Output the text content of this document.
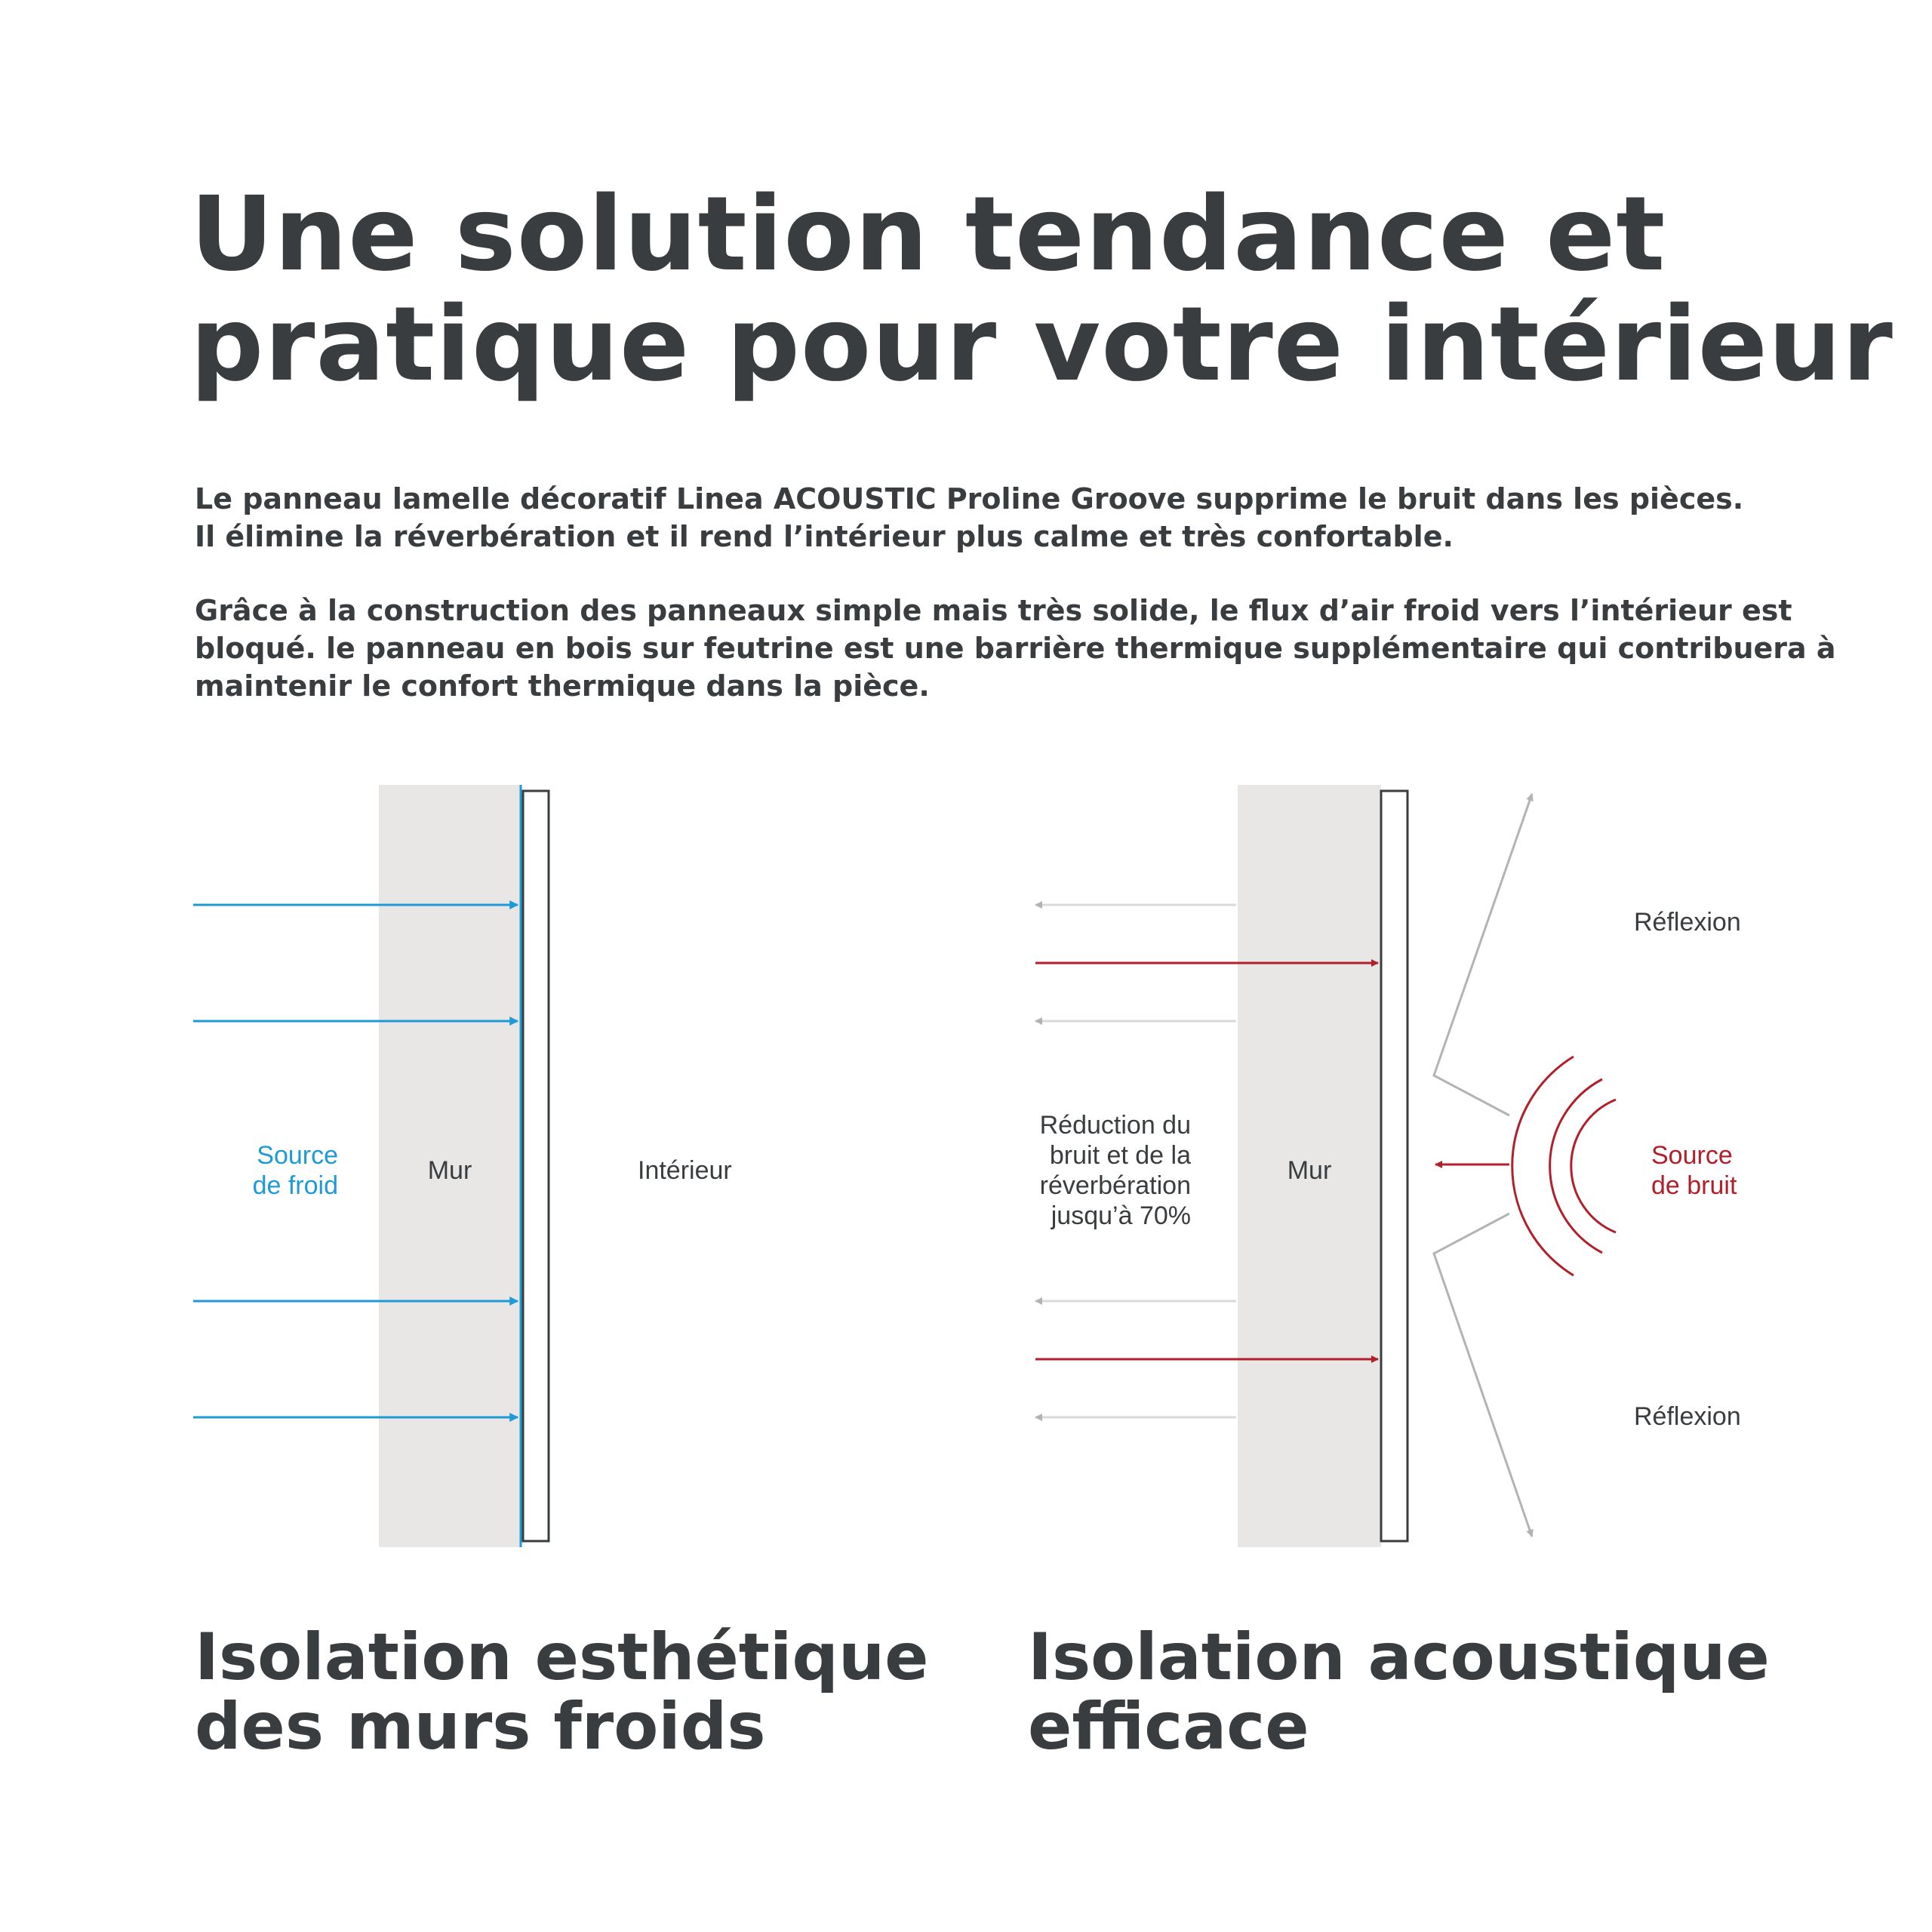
Une solution tendance et
pratique pour votre intérieur

Le panneau lamelle décoratif Linea ACOUSTIC Proline Groove supprime le bruit dans les pièces.
Il élimine la réverbération et il rend l’intérieur plus calme et très confortable.

Grâce à la construction des panneaux simple mais très solide, le flux d’air froid vers l’intérieur est
bloqué. le panneau en bois sur feutrine est une barrière thermique supplémentaire qui contribuera à
maintenir le confort thermique dans la pièce.

Source
de froid
Mur	Intérieur
Réduction du
bruit et de la
réverbération
jusqu’à 70%
Mur
Réflexion
Réflexion
Source
de bruit
Isolation esthétique
des murs froids
Isolation acoustique
efficace
